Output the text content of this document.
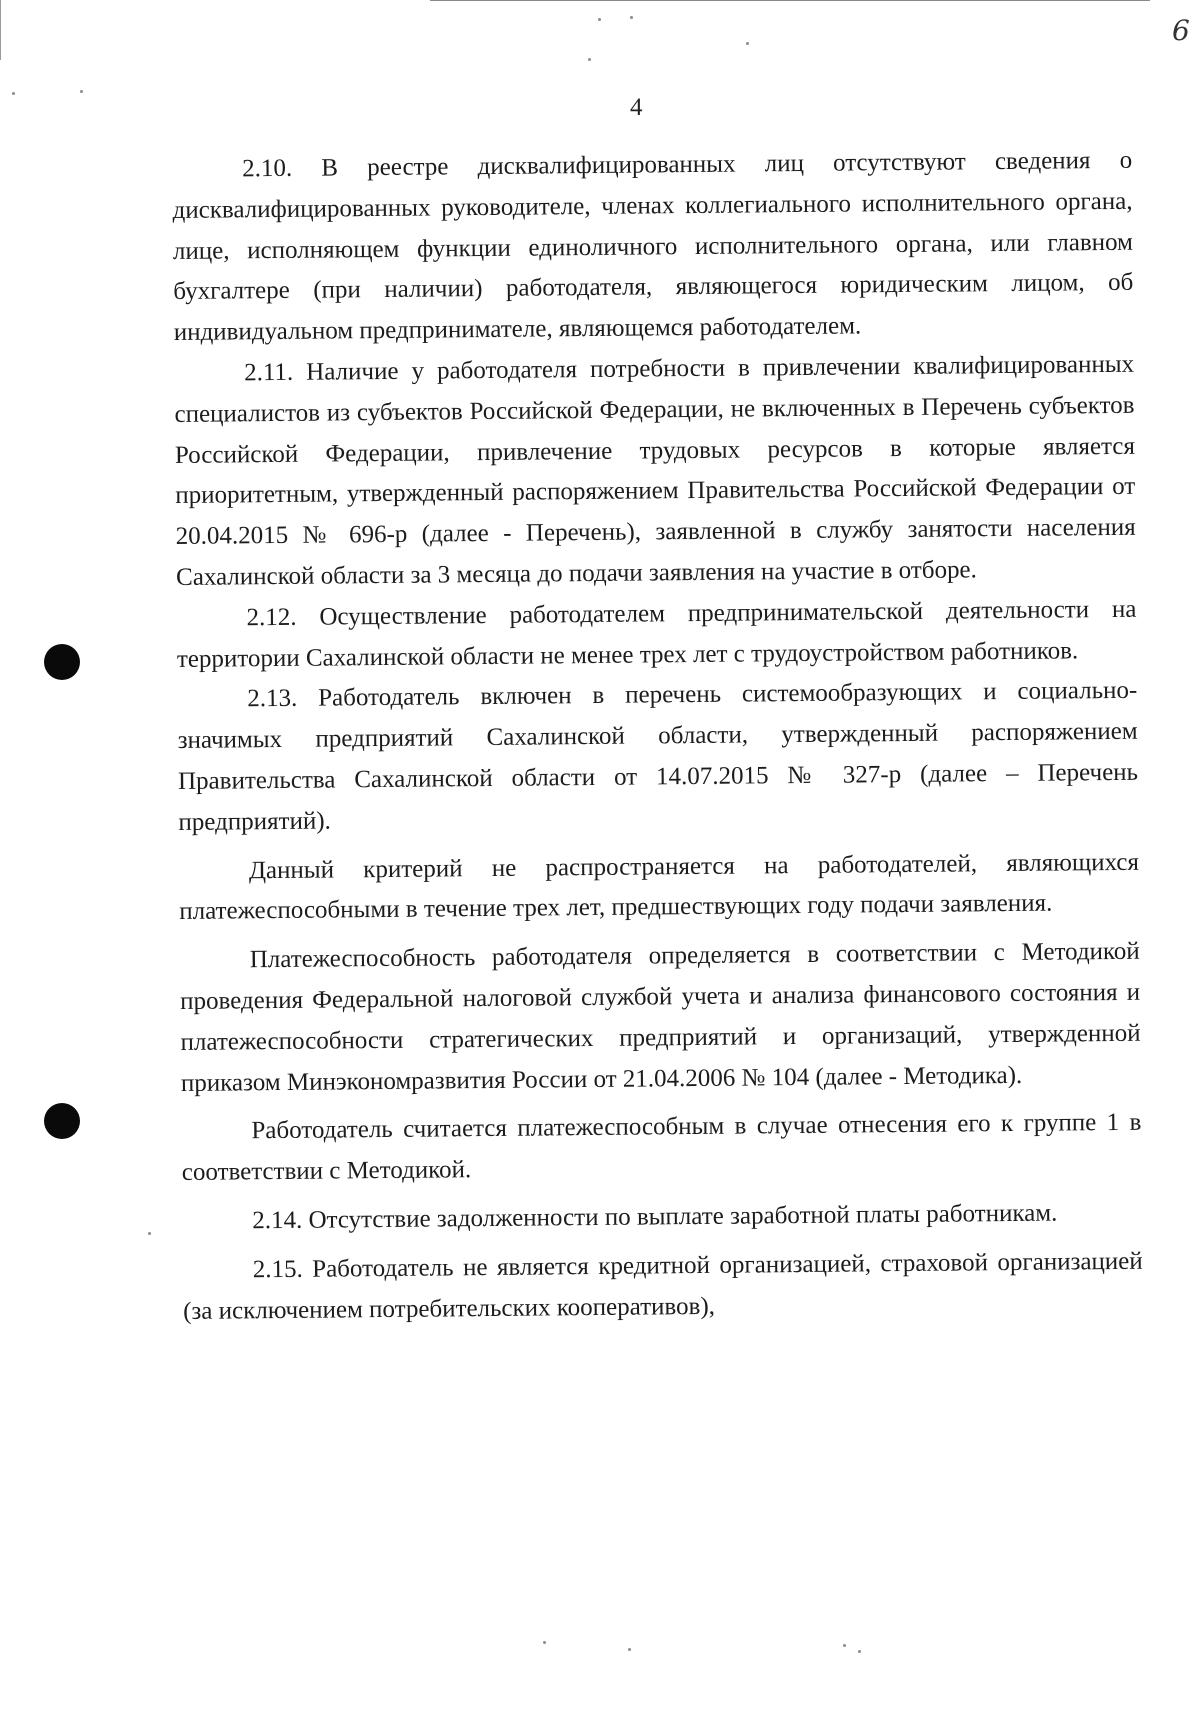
6
4

2.10. В реестре дисквалифицированных лиц отсутствуют сведения о дисквалифицированных руководителе, членах коллегиального исполнительного органа, лице, исполняющем функции единоличного исполнительного органа, или главном бухгалтере (при наличии) работодателя, являющегося юридическим лицом, об индивидуальном предпринимателе, являющемся работодателем.

2.11. Наличие у работодателя потребности в привлечении квалифицированных специалистов из субъектов Российской Федерации, не включенных в Перечень субъектов Российской Федерации, привлечение трудовых ресурсов в которые является приоритетным, утвержденный распоряжением Правительства Российской Федерации от 20.04.2015 № 696-р (далее - Перечень), заявленной в службу занятости населения Сахалинской области за 3 месяца до подачи заявления на участие в отборе.

2.12. Осуществление работодателем предпринимательской деятельности на территории Сахалинской области не менее трех лет с трудоустройством работников.

2.13. Работодатель включен в перечень системообразующих и социально-значимых предприятий Сахалинской области, утвержденный распоряжением Правительства Сахалинской области от 14.07.2015 № 327-р (далее – Перечень предприятий).

Данный критерий не распространяется на работодателей, являющихся платежеспособными в течение трех лет, предшествующих году подачи заявления.

Платежеспособность работодателя определяется в соответствии с Методикой проведения Федеральной налоговой службой учета и анализа финансового состояния и платежеспособности стратегических предприятий и организаций, утвержденной приказом Минэкономразвития России от 21.04.2006 № 104 (далее - Методика).

Работодатель считается платежеспособным в случае отнесения его к группе 1 в соответствии с Методикой.

2.14. Отсутствие задолженности по выплате заработной платы работникам.

2.15. Работодатель не является кредитной организацией, страховой организацией (за исключением потребительских кооперативов),
